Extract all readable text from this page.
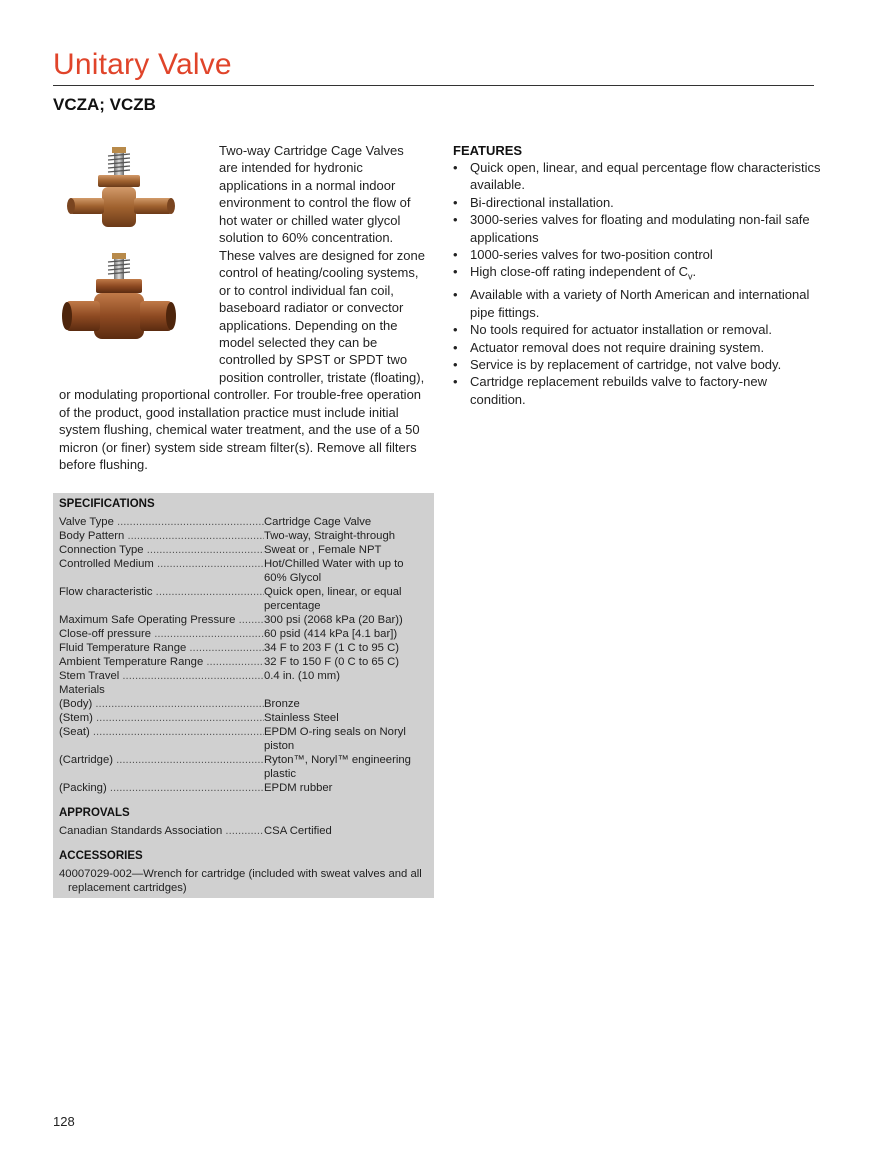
Unitary Valve
VCZA; VCZB
Two-way Cartridge Cage Valves are intended for hydronic applications in a normal indoor environment to control the flow of hot water or chilled water glycol solution to 60% concentration. These valves are designed for zone control of heating/cooling systems, or to control individual fan coil, baseboard radiator or convector applications. Depending on the model selected they can be controlled by SPST or SPDT two position controller, tristate (floating), or modulating proportional controller. For trouble-free operation of the product, good installation practice must include initial system flushing, chemical water treatment, and the use of a 50 micron (or finer) system side stream filter(s). Remove all filters before flushing.
FEATURES
• Quick open, linear, and equal percentage flow characteristics available.
• Bi-directional installation.
• 3000-series valves for floating and modulating non-fail safe applications
• 1000-series valves for two-position control
• High close-off rating independent of $C_v$.
• Available with a variety of North American and international pipe fittings.
• No tools required for actuator installation or removal.
• Actuator removal does not require draining system.
• Service is by replacement of cartridge, not valve body.
• Cartridge replacement rebuilds valve to factory-new condition.
SPECIFICATIONS
Valve Type .....	Cartridge Cage Valve
Body Pattern .....	Two-way, Straight-through
Connection Type .....	Sweat or , Female NPT
Controlled Medium .....	Hot/Chilled Water with up to 60% Glycol
Flow characteristic .....	Quick open, linear, or equal percentage
Maximum Safe Operating Pressure .....	300 psi (2068 kPa (20 Bar))
Close-off pressure .....	60 psid (414 kPa [4.1 bar])
Fluid Temperature Range .....	34 F to 203 F (1 C to 95 C)
Ambient Temperature Range .....	32 F to 150 F (0 C to 65 C)
Stem Travel .....	0.4 in. (10 mm)
Materials
(Body) .....	Bronze
(Stem) .....	Stainless Steel
(Seat) .....	EPDM O-ring seals on Noryl piston
(Cartridge) .....	Ryton™, Noryl™ engineering plastic
(Packing) .....	EPDM rubber
APPROVALS
Canadian Standards Association .....	CSA Certified
ACCESSORIES
40007029-002—Wrench for cartridge (included with sweat valves and all replacement cartridges)
128
